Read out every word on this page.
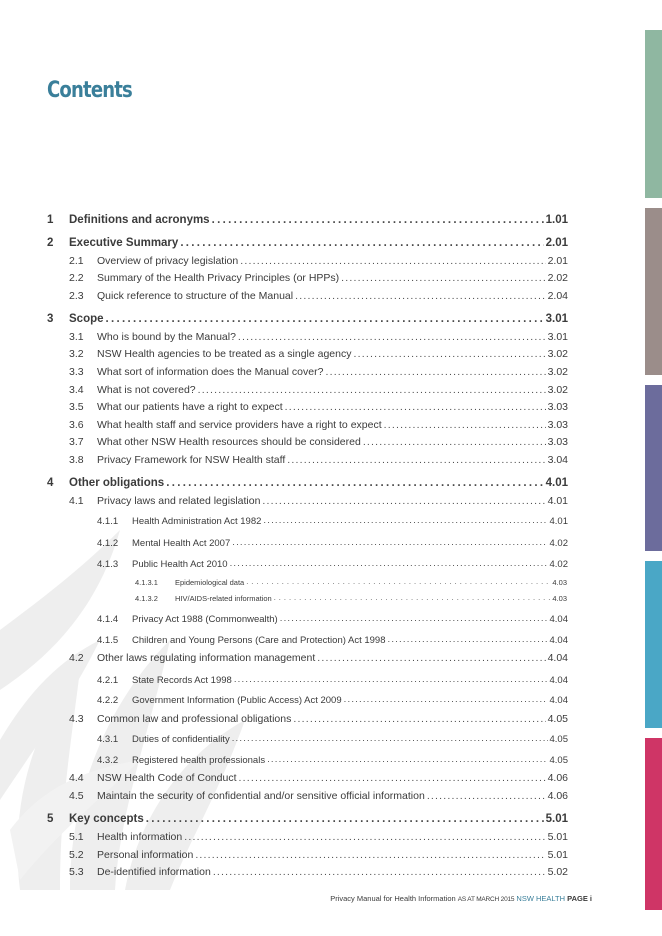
Contents
1 Definitions and acronyms .....	1.01
2 Executive Summary .....	2.01
2.1 Overview of privacy legislation .....	2.01
2.2 Summary of the Health Privacy Principles (or HPPs) .....	2.02
2.3 Quick reference to structure of the Manual .....	2.04
3 Scope .....	3.01
3.1 Who is bound by the Manual? .....	3.01
3.2 NSW Health agencies to be treated as a single agency .....	3.02
3.3 What sort of information does the Manual cover? .....	3.02
3.4 What is not covered? .....	3.02
3.5 What our patients have a right to expect .....	3.03
3.6 What health staff and service providers have a right to expect .....	3.03
3.7 What other NSW Health resources should be considered .....	3.03
3.8 Privacy Framework for NSW Health staff .....	3.04
4 Other obligations .....	4.01
4.1 Privacy laws and related legislation .....	4.01
4.1.1 Health Administration Act 1982 .....	4.01
4.1.2 Mental Health Act 2007 .....	4.02
4.1.3 Public Health Act 2010 .....	4.02
4.1.3.1 Epidemiological data .....	4.03
4.1.3.2 HIV/AIDS-related information .....	4.03
4.1.4 Privacy Act 1988 (Commonwealth) .....	4.04
4.1.5 Children and Young Persons (Care and Protection) Act 1998 .....	4.04
4.2 Other laws regulating information management .....	4.04
4.2.1 State Records Act 1998 .....	4.04
4.2.2 Government Information (Public Access) Act 2009 .....	4.04
4.3 Common law and professional obligations .....	4.05
4.3.1 Duties of confidentiality .....	4.05
4.3.2 Registered health professionals .....	4.05
4.4 NSW Health Code of Conduct .....	4.06
4.5 Maintain the security of confidential and/or sensitive official information .....	4.06
5 Key concepts .....	5.01
5.1 Health information .....	5.01
5.2 Personal information .....	5.01
5.3 De-identified information .....	5.02
Privacy Manual for Health Information AS AT MARCH 2015 NSW HEALTH PAGE i
